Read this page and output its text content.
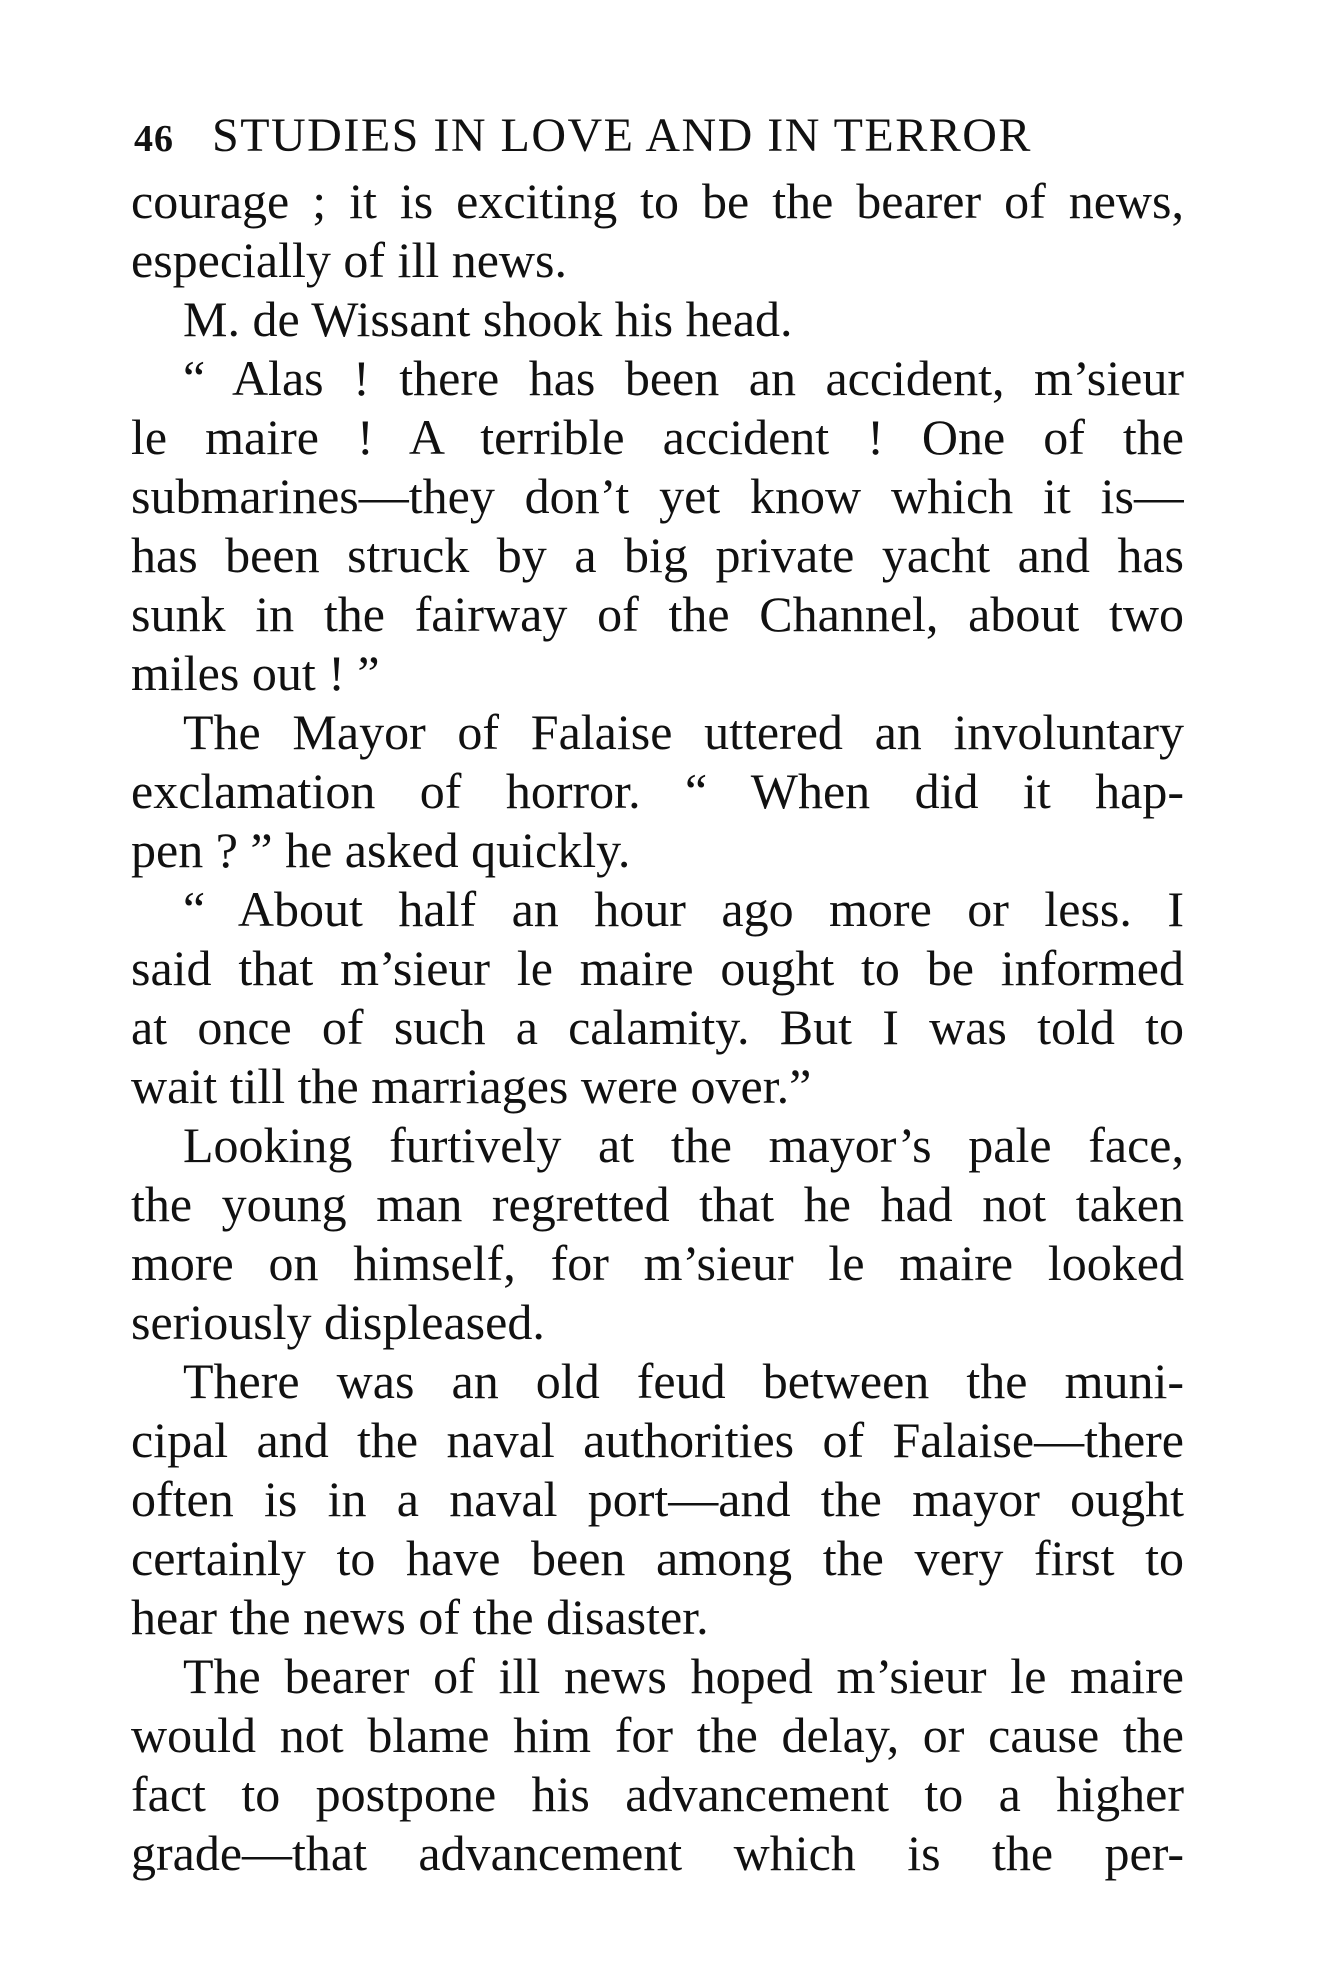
46 STUDIES IN LOVE AND IN TERROR
courage ; it is exciting to be the bearer of news,
especially of ill news.
M. de Wissant shook his head.
“ Alas ! there has been an accident, m’sieur
le maire ! A terrible accident ! One of the
submarines—they don’t yet know which it is—
has been struck by a big private yacht and has
sunk in the fairway of the Channel, about two
miles out ! ”
The Mayor of Falaise uttered an involuntary
exclamation of horror. “ When did it hap-
pen ? ” he asked quickly.
“ About half an hour ago more or less. I
said that m’sieur le maire ought to be informed
at once of such a calamity. But I was told to
wait till the marriages were over.”
Looking furtively at the mayor’s pale face,
the young man regretted that he had not taken
more on himself, for m’sieur le maire looked
seriously displeased.
There was an old feud between the muni-
cipal and the naval authorities of Falaise—there
often is in a naval port—and the mayor ought
certainly to have been among the very first to
hear the news of the disaster.
The bearer of ill news hoped m’sieur le maire
would not blame him for the delay, or cause the
fact to postpone his advancement to a higher
grade—that advancement which is the per-
